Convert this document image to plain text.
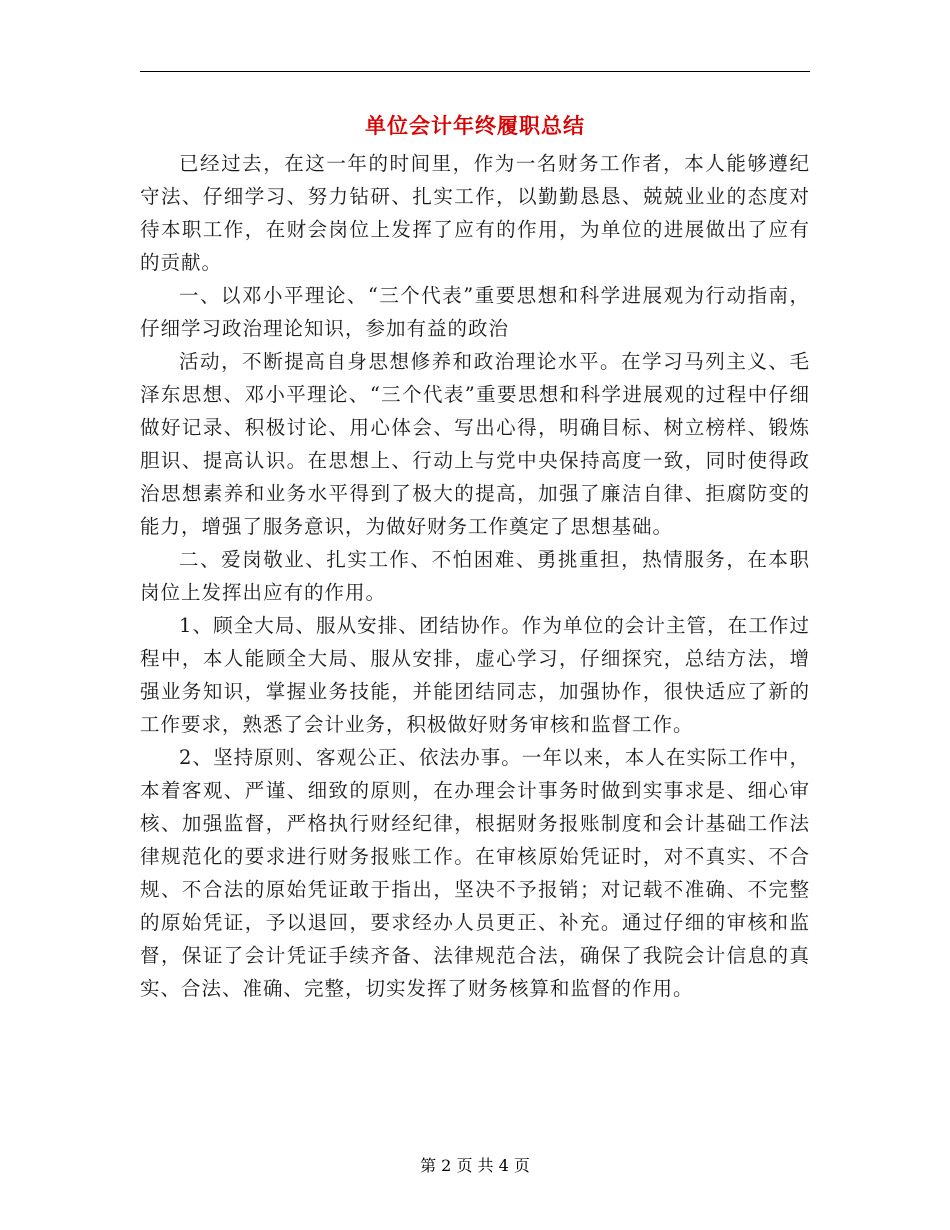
单位会计年终履职总结

已经过去，在这一年的时间里，作为一名财务工作者，本人能够遵纪守法、仔细学习、努力钻研、扎实工作，以勤勤恳恳、兢兢业业的态度对待本职工作，在财会岗位上发挥了应有的作用，为单位的进展做出了应有的贡献。

一、以邓小平理论、“三个代表”重要思想和科学进展观为行动指南，仔细学习政治理论知识，参加有益的政治

活动，不断提高自身思想修养和政治理论水平。在学习马列主义、毛泽东思想、邓小平理论、“三个代表”重要思想和科学进展观的过程中仔细做好记录、积极讨论、用心体会、写出心得，明确目标、树立榜样、锻炼胆识、提高认识。在思想上、行动上与党中央保持高度一致，同时使得政治思想素养和业务水平得到了极大的提高，加强了廉洁自律、拒腐防变的能力，增强了服务意识，为做好财务工作奠定了思想基础。

二、爱岗敬业、扎实工作、不怕困难、勇挑重担，热情服务，在本职岗位上发挥出应有的作用。

1、顾全大局、服从安排、团结协作。作为单位的会计主管，在工作过程中，本人能顾全大局、服从安排，虚心学习，仔细探究，总结方法，增强业务知识，掌握业务技能，并能团结同志，加强协作，很快适应了新的工作要求，熟悉了会计业务，积极做好财务审核和监督工作。

2、坚持原则、客观公正、依法办事。一年以来，本人在实际工作中，本着客观、严谨、细致的原则，在办理会计事务时做到实事求是、细心审核、加强监督，严格执行财经纪律，根据财务报账制度和会计基础工作法律规范化的要求进行财务报账工作。在审核原始凭证时，对不真实、不合规、不合法的原始凭证敢于指出，坚决不予报销；对记载不准确、不完整的原始凭证，予以退回，要求经办人员更正、补充。通过仔细的审核和监督，保证了会计凭证手续齐备、法律规范合法，确保了我院会计信息的真实、合法、准确、完整，切实发挥了财务核算和监督的作用。

第 2 页 共 4 页
